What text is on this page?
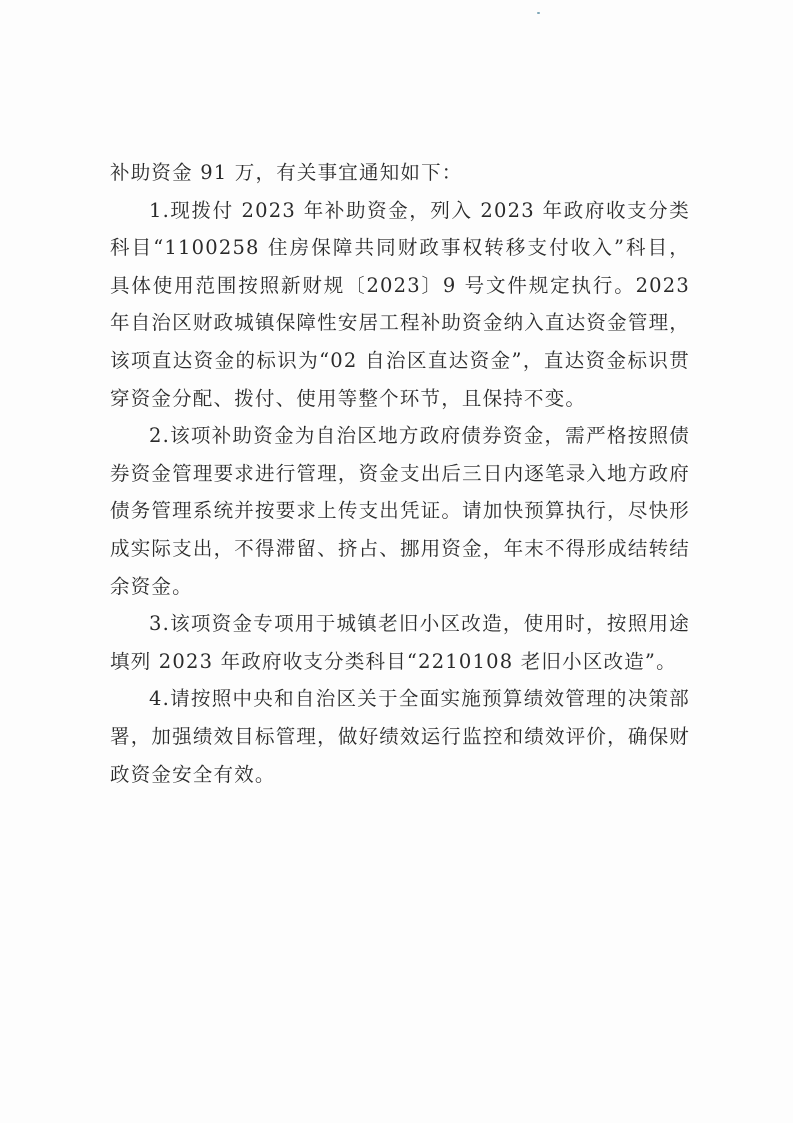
补助资金 91 万，有关事宜通知如下：

1.现拨付 2023 年补助资金，列入 2023 年政府收支分类科目“1100258 住房保障共同财政事权转移支付收入”科目，具体使用范围按照新财规〔2023〕9 号文件规定执行。2023 年自治区财政城镇保障性安居工程补助资金纳入直达资金管理，该项直达资金的标识为“02 自治区直达资金”，直达资金标识贯穿资金分配、拨付、使用等整个环节，且保持不变。

2.该项补助资金为自治区地方政府债券资金，需严格按照债券资金管理要求进行管理，资金支出后三日内逐笔录入地方政府债务管理系统并按要求上传支出凭证。请加快预算执行，尽快形成实际支出，不得滞留、挤占、挪用资金，年末不得形成结转结余资金。

3.该项资金专项用于城镇老旧小区改造，使用时，按照用途填列 2023 年政府收支分类科目“2210108 老旧小区改造”。

4.请按照中央和自治区关于全面实施预算绩效管理的决策部署，加强绩效目标管理，做好绩效运行监控和绩效评价，确保财政资金安全有效。
